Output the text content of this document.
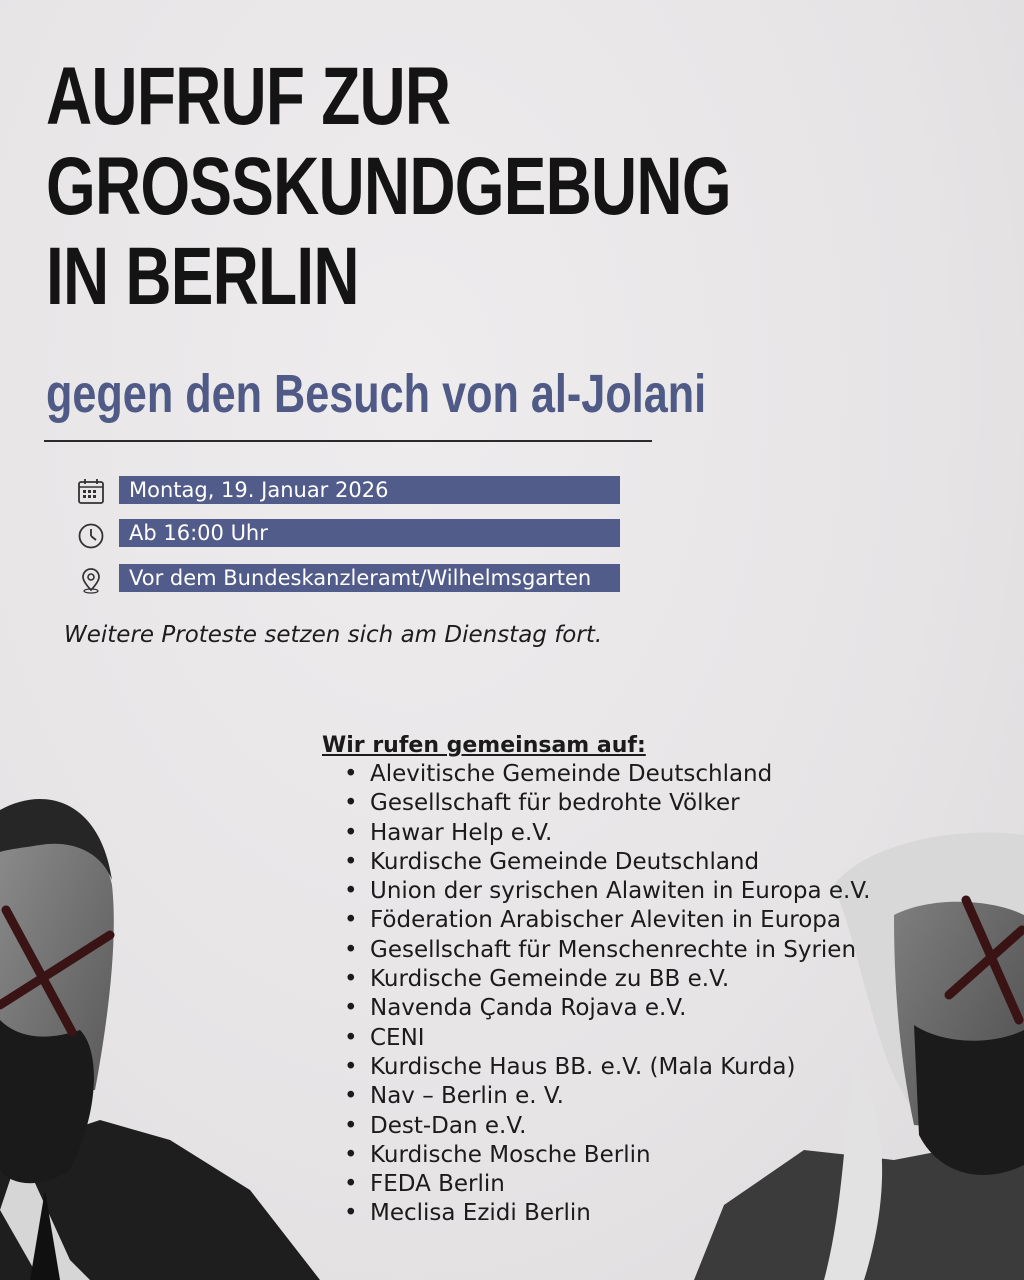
AUFRUF ZUR
GROSSKUNDGEBUNG
IN BERLIN
gegen den Besuch von al-Jolani
Montag, 19. Januar 2026
Ab 16:00 Uhr
Vor dem Bundeskanzleramt/Wilhelmsgarten

Weitere Proteste setzen sich am Dienstag fort.

Wir rufen gemeinsam auf:

• Alevitische Gemeinde Deutschland
• Gesellschaft für bedrohte Völker
• Hawar Help e.V.
• Kurdische Gemeinde Deutschland
• Union der syrischen Alawiten in Europa e.V.
• Föderation Arabischer Aleviten in Europa
• Gesellschaft für Menschenrechte in Syrien
• Kurdische Gemeinde zu BB e.V.
• Navenda Çanda Rojava e.V.
• CENI
• Kurdische Haus BB. e.V. (Mala Kurda)
• Nav – Berlin e. V.
• Dest-Dan e.V.
• Kurdische Mosche Berlin
• FEDA Berlin
• Meclisa Ezidi Berlin
